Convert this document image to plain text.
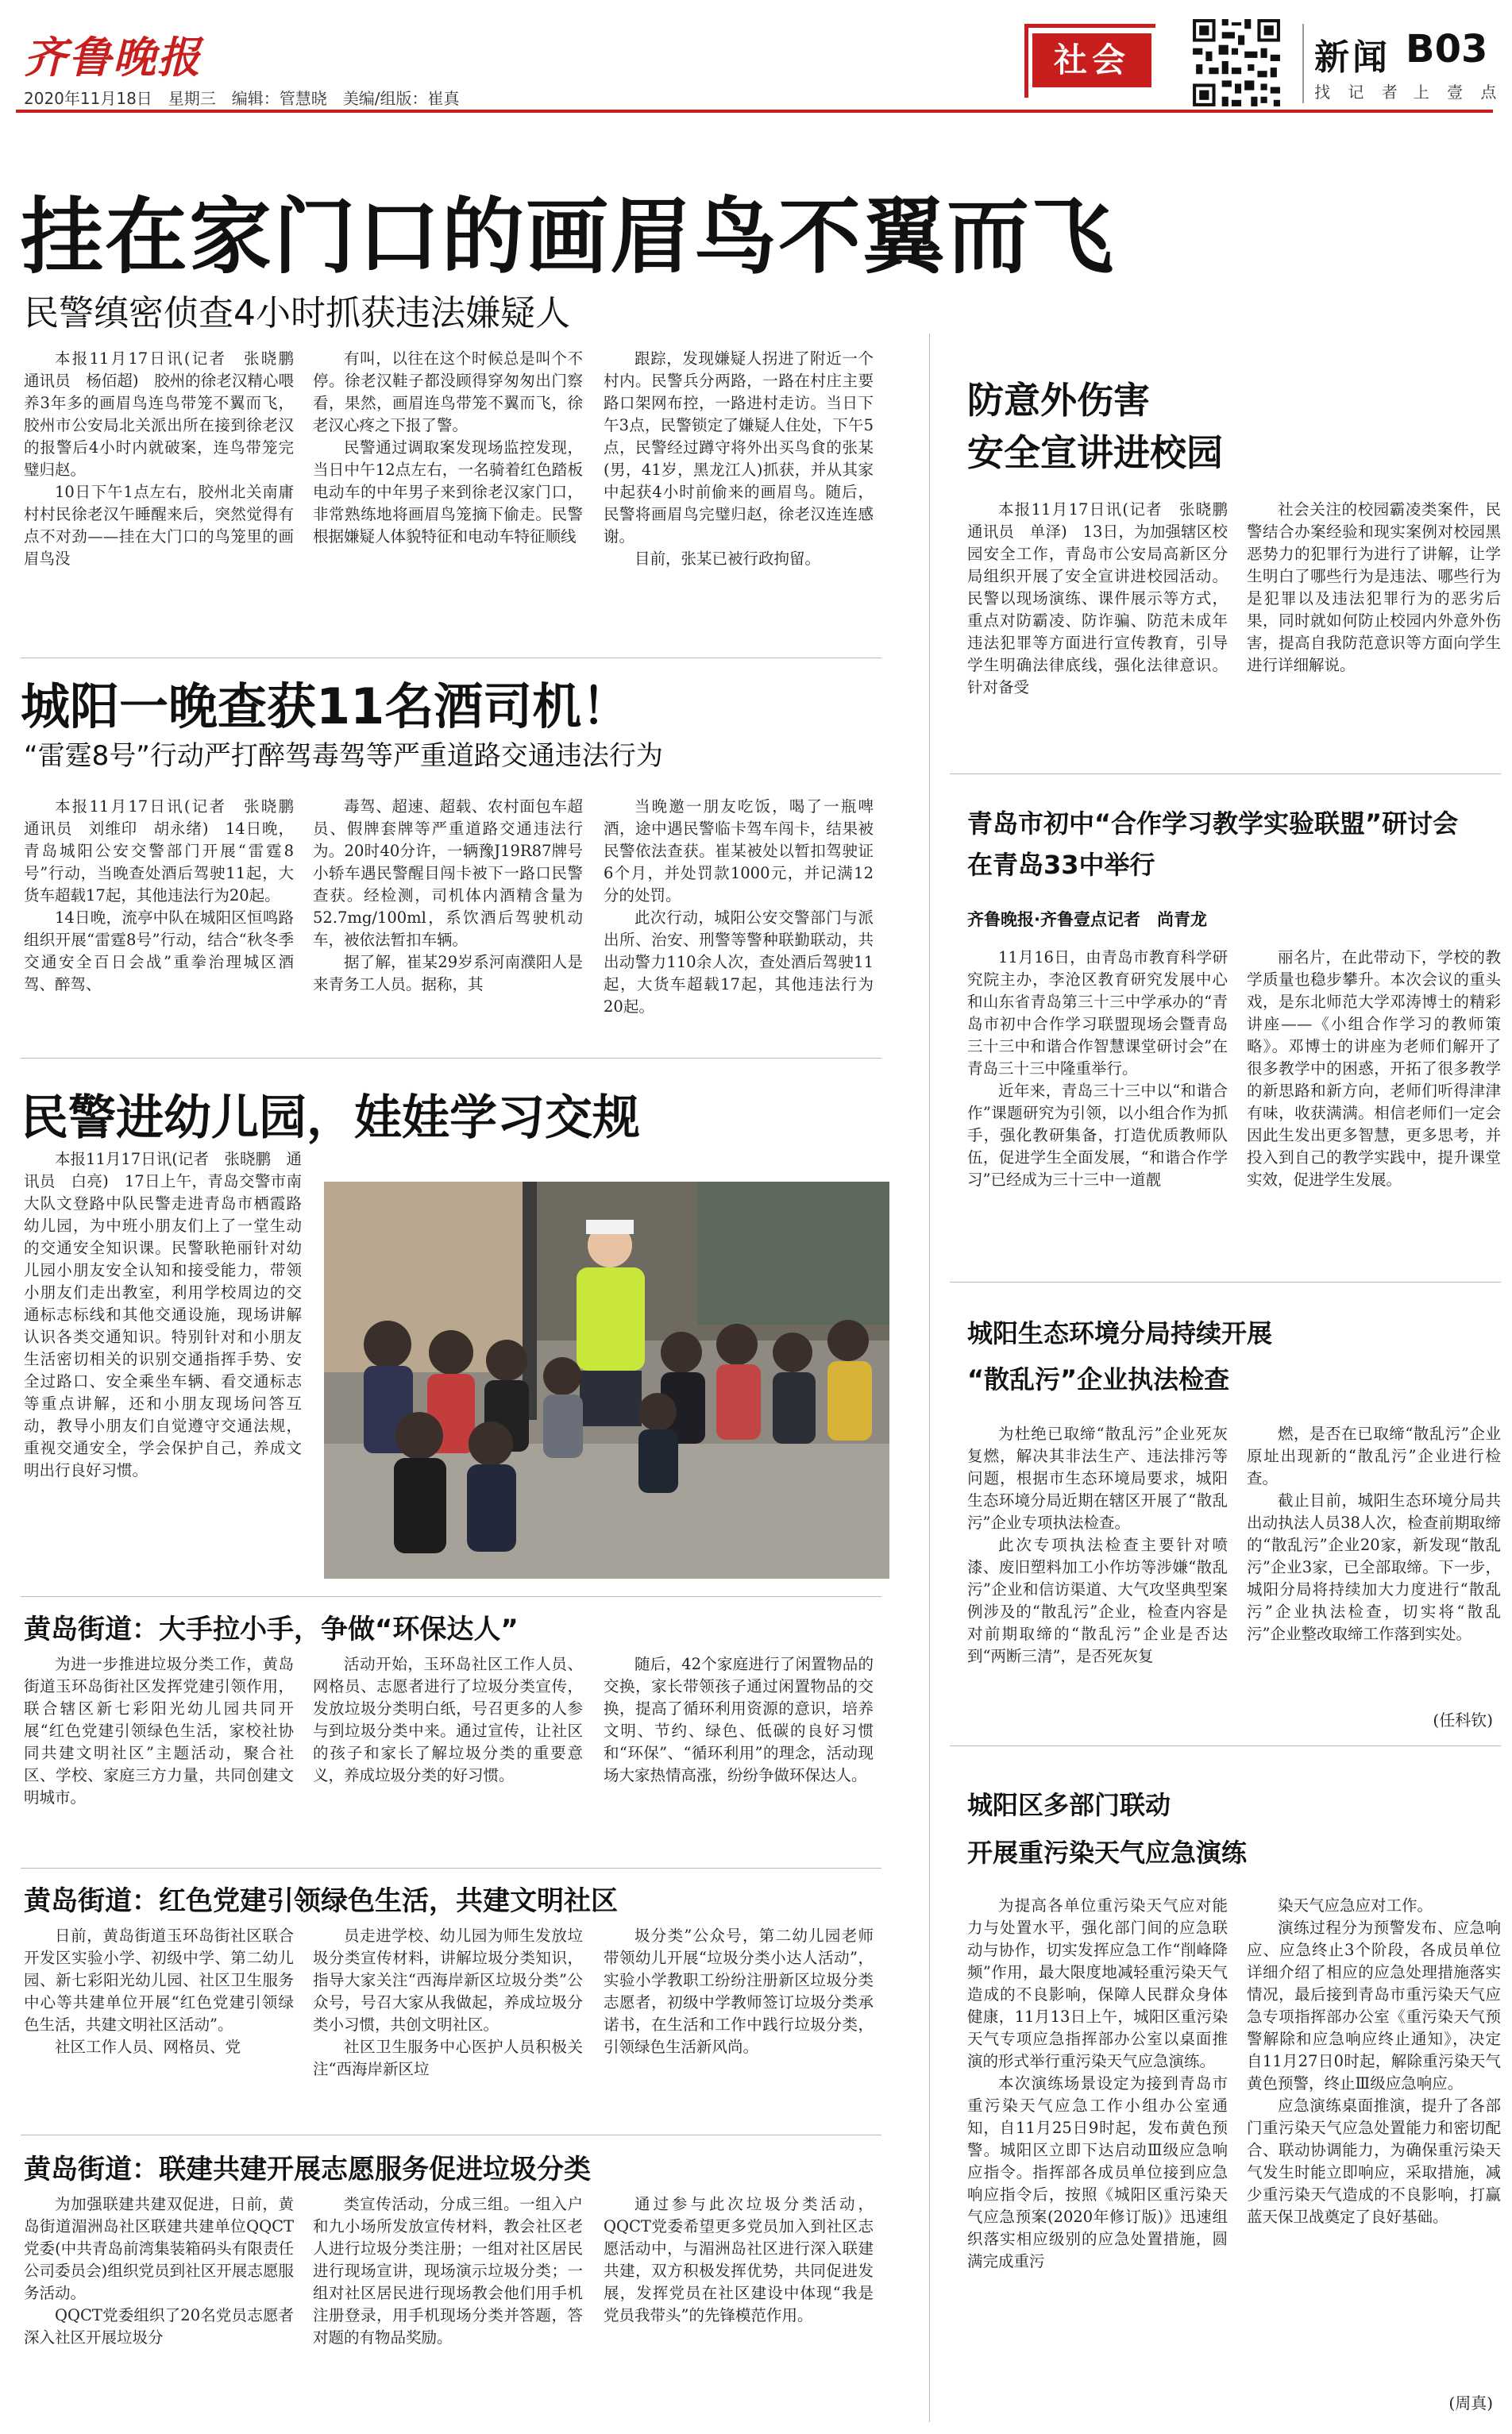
齐鲁晚报
2020年11月18日　星期三　编辑：管慧晓　美编/组版：崔真
社会	新闻 B03
找 记 者　上 壹 点
挂在家门口的画眉鸟不翼而飞
民警缜密侦查4小时抓获违法嫌疑人

本报11月17日讯(记者　张晓鹏　通讯员　杨佰超)　胶州的徐老汉精心喂养3年多的画眉鸟连鸟带笼不翼而飞，胶州市公安局北关派出所在接到徐老汉的报警后4小时内就破案，连鸟带笼完璧归赵。

10日下午1点左右，胶州北关南庸村村民徐老汉午睡醒来后，突然觉得有点不对劲——挂在大门口的鸟笼里的画眉鸟没

有叫，以往在这个时候总是叫个不停。徐老汉鞋子都没顾得穿匆匆出门察看，果然，画眉连鸟带笼不翼而飞，徐老汉心疼之下报了警。

民警通过调取案发现场监控发现，当日中午12点左右，一名骑着红色踏板电动车的中年男子来到徐老汉家门口，非常熟练地将画眉鸟笼摘下偷走。民警根据嫌疑人体貌特征和电动车特征顺线

跟踪，发现嫌疑人拐进了附近一个村内。民警兵分两路，一路在村庄主要路口架网布控，一路进村走访。当日下午3点，民警锁定了嫌疑人住处，下午5点，民警经过蹲守将外出买鸟食的张某(男，41岁，黑龙江人)抓获，并从其家中起获4小时前偷来的画眉鸟。随后，民警将画眉鸟完璧归赵，徐老汉连连感谢。

目前，张某已被行政拘留。

城阳一晚查获11名酒司机！
“雷霆8号”行动严打醉驾毒驾等严重道路交通违法行为

本报11月17日讯(记者　张晓鹏　通讯员　刘维印　胡永绪)　14日晚，青岛城阳公安交警部门开展“雷霆8号”行动，当晚查处酒后驾驶11起，大货车超载17起，其他违法行为20起。

14日晚，流亭中队在城阳区恒鸣路组织开展“雷霆8号”行动，结合“秋冬季交通安全百日会战”重拳治理城区酒驾、醉驾、

毒驾、超速、超载、农村面包车超员、假牌套牌等严重道路交通违法行为。20时40分许，一辆豫J19R87牌号小轿车遇民警醒目闯卡被下一路口民警查获。经检测，司机体内酒精含量为52.7mg/100ml，系饮酒后驾驶机动车，被依法暂扣车辆。

据了解，崔某29岁系河南濮阳人是来青务工人员。据称，其

当晚邀一朋友吃饭，喝了一瓶啤酒，途中遇民警临卡驾车闯卡，结果被民警依法查获。崔某被处以暂扣驾驶证6个月，并处罚款1000元，并记满12分的处罚。

此次行动，城阳公安交警部门与派出所、治安、刑警等警种联勤联动，共出动警力110余人次，查处酒后驾驶11起，大货车超载17起，其他违法行为20起。

民警进幼儿园，娃娃学习交规

本报11月17日讯(记者　张晓鹏　通讯员　白亮)　17日上午，青岛交警市南大队文登路中队民警走进青岛市栖霞路幼儿园，为中班小朋友们上了一堂生动的交通安全知识课。民警耿艳丽针对幼儿园小朋友安全认知和接受能力，带领小朋友们走出教室，利用学校周边的交通标志标线和其他交通设施，现场讲解认识各类交通知识。特别针对和小朋友生活密切相关的识别交通指挥手势、安全过路口、安全乘坐车辆、看交通标志等重点讲解，还和小朋友现场问答互动，教导小朋友们自觉遵守交通法规，重视交通安全，学会保护自己，养成文明出行良好习惯。

黄岛街道：大手拉小手，争做“环保达人”

为进一步推进垃圾分类工作，黄岛街道玉环岛街社区发挥党建引领作用，联合辖区新七彩阳光幼儿园共同开展“红色党建引领绿色生活，家校社协同共建文明社区”主题活动，聚合社区、学校、家庭三方力量，共同创建文明城市。

活动开始，玉环岛社区工作人员、网格员、志愿者进行了垃圾分类宣传，发放垃圾分类明白纸，号召更多的人参与到垃圾分类中来。通过宣传，让社区的孩子和家长了解垃圾分类的重要意义，养成垃圾分类的好习惯。

随后，42个家庭进行了闲置物品的交换，家长带领孩子通过闲置物品的交换，提高了循环利用资源的意识，培养文明、节约、绿色、低碳的良好习惯和“环保”、“循环利用”的理念，活动现场大家热情高涨，纷纷争做环保达人。

黄岛街道：红色党建引领绿色生活，共建文明社区

日前，黄岛街道玉环岛街社区联合开发区实验小学、初级中学、第二幼儿园、新七彩阳光幼儿园、社区卫生服务中心等共建单位开展“红色党建引领绿色生活，共建文明社区活动”。

社区工作人员、网格员、党

员走进学校、幼儿园为师生发放垃圾分类宣传材料，讲解垃圾分类知识，指导大家关注“西海岸新区垃圾分类”公众号，号召大家从我做起，养成垃圾分类小习惯，共创文明社区。

社区卫生服务中心医护人员积极关注“西海岸新区垃

圾分类”公众号，第二幼儿园老师带领幼儿开展“垃圾分类小达人活动”，实验小学教职工纷纷注册新区垃圾分类志愿者，初级中学教师签订垃圾分类承诺书，在生活和工作中践行垃圾分类，引领绿色生活新风尚。

黄岛街道：联建共建开展志愿服务促进垃圾分类

为加强联建共建双促进，日前，黄岛街道湄洲岛社区联建共建单位QQCT党委(中共青岛前湾集装箱码头有限责任公司委员会)组织党员到社区开展志愿服务活动。

QQCT党委组织了20名党员志愿者深入社区开展垃圾分

类宣传活动，分成三组。一组入户和九小场所发放宣传材料，教会社区老人进行垃圾分类注册；一组对社区居民进行现场宣讲，现场演示垃圾分类；一组对社区居民进行现场教会他们用手机注册登录，用手机现场分类并答题，答对题的有物品奖励。

通过参与此次垃圾分类活动，QQCT党委希望更多党员加入到社区志愿活动中，与湄洲岛社区进行深入联建共建，双方积极发挥优势，共同促进发展，发挥党员在社区建设中体现“我是党员我带头”的先锋模范作用。

防意外伤害
安全宣讲进校园

本报11月17日讯(记者　张晓鹏　通讯员　单泽)　13日，为加强辖区校园安全工作，青岛市公安局高新区分局组织开展了安全宣讲进校园活动。民警以现场演练、课件展示等方式，重点对防霸凌、防诈骗、防范未成年违法犯罪等方面进行宣传教育，引导学生明确法律底线，强化法律意识。针对备受

社会关注的校园霸凌类案件，民警结合办案经验和现实案例对校园黑恶势力的犯罪行为进行了讲解，让学生明白了哪些行为是违法、哪些行为是犯罪以及违法犯罪行为的恶劣后果，同时就如何防止校园内外意外伤害，提高自我防范意识等方面向学生进行详细解说。

青岛市初中“合作学习教学实验联盟”研讨会
在青岛33中举行
齐鲁晚报·齐鲁壹点记者　尚青龙

11月16日，由青岛市教育科学研究院主办，李沧区教育研究发展中心和山东省青岛第三十三中学承办的“青岛市初中合作学习联盟现场会暨青岛三十三中和谐合作智慧课堂研讨会”在青岛三十三中隆重举行。

近年来，青岛三十三中以“和谐合作”课题研究为引领，以小组合作为抓手，强化教研集备，打造优质教师队伍，促进学生全面发展，“和谐合作学习”已经成为三十三中一道靓

丽名片，在此带动下，学校的教学质量也稳步攀升。本次会议的重头戏，是东北师范大学邓涛博士的精彩讲座——《小组合作学习的教师策略》。邓博士的讲座为老师们解开了很多教学中的困惑，开拓了很多教学的新思路和新方向，老师们听得津津有味，收获满满。相信老师们一定会因此生发出更多智慧，更多思考，并投入到自己的教学实践中，提升课堂实效，促进学生发展。

城阳生态环境分局持续开展
“散乱污”企业执法检查

为杜绝已取缔“散乱污”企业死灰复燃，解决其非法生产、违法排污等问题，根据市生态环境局要求，城阳生态环境分局近期在辖区开展了“散乱污”企业专项执法检查。

此次专项执法检查主要针对喷漆、废旧塑料加工小作坊等涉嫌“散乱污”企业和信访渠道、大气攻坚典型案例涉及的“散乱污”企业，检查内容是对前期取缔的“散乱污”企业是否达到“两断三清”，是否死灰复

燃，是否在已取缔“散乱污”企业原址出现新的“散乱污”企业进行检查。

截止目前，城阳生态环境分局共出动执法人员38人次，检查前期取缔的“散乱污”企业20家，新发现“散乱污”企业3家，已全部取缔。下一步，城阳分局将持续加大力度进行“散乱污”企业执法检查，切实将“散乱污”企业整改取缔工作落到实处。

(任科钦)
城阳区多部门联动
开展重污染天气应急演练

为提高各单位重污染天气应对能力与处置水平，强化部门间的应急联动与协作，切实发挥应急工作“削峰降频”作用，最大限度地减轻重污染天气造成的不良影响，保障人民群众身体健康，11月13日上午，城阳区重污染天气专项应急指挥部办公室以桌面推演的形式举行重污染天气应急演练。

本次演练场景设定为接到青岛市重污染天气应急工作小组办公室通知，自11月25日9时起，发布黄色预警。城阳区立即下达启动Ⅲ级应急响应指令。指挥部各成员单位接到应急响应指令后，按照《城阳区重污染天气应急预案(2020年修订版)》迅速组织落实相应级别的应急处置措施，圆满完成重污

染天气应急应对工作。

演练过程分为预警发布、应急响应、应急终止3个阶段，各成员单位详细介绍了相应的应急处理措施落实情况，最后接到青岛市重污染天气应急专项指挥部办公室《重污染天气预警解除和应急响应终止通知》，决定自11月27日0时起，解除重污染天气黄色预警，终止Ⅲ级应急响应。

应急演练桌面推演，提升了各部门重污染天气应急处置能力和密切配合、联动协调能力，为确保重污染天气发生时能立即响应，采取措施，减少重污染天气造成的不良影响，打赢蓝天保卫战奠定了良好基础。

(周真)
